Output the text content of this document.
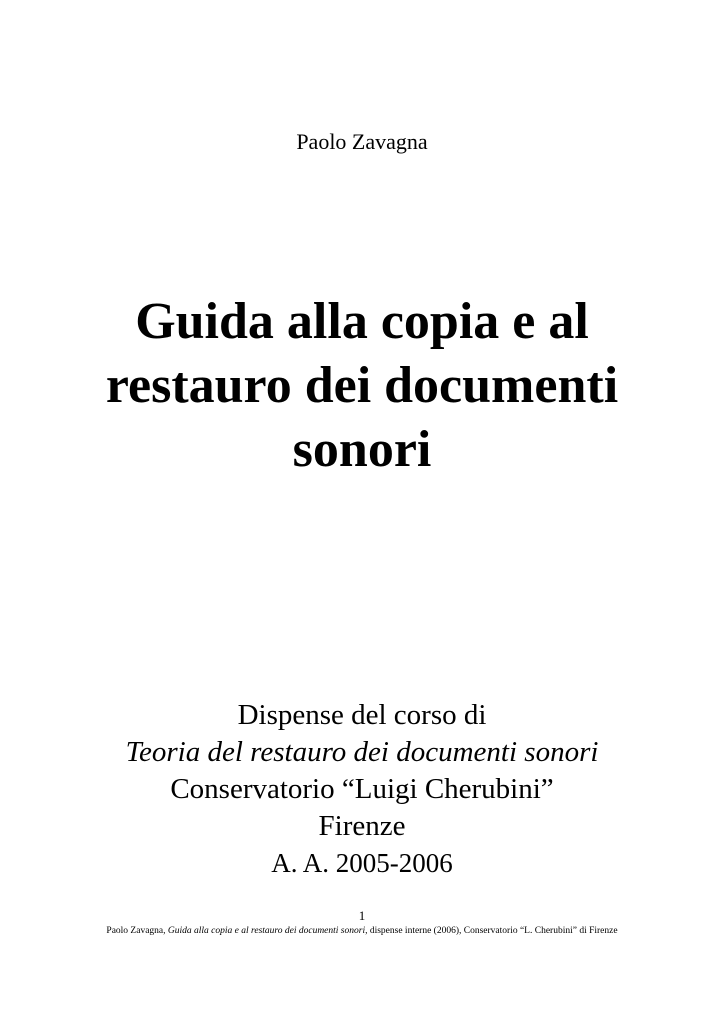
Paolo Zavagna
Guida alla copia e al
restauro dei documenti
sonori
Dispense del corso di
Teoria del restauro dei documenti sonori
Conservatorio “Luigi Cherubini”
Firenze
A. A. 2005-2006
1
Paolo Zavagna, Guida alla copia e al restauro dei documenti sonori, dispense interne (2006), Conservatorio “L. Cherubini” di Firenze
